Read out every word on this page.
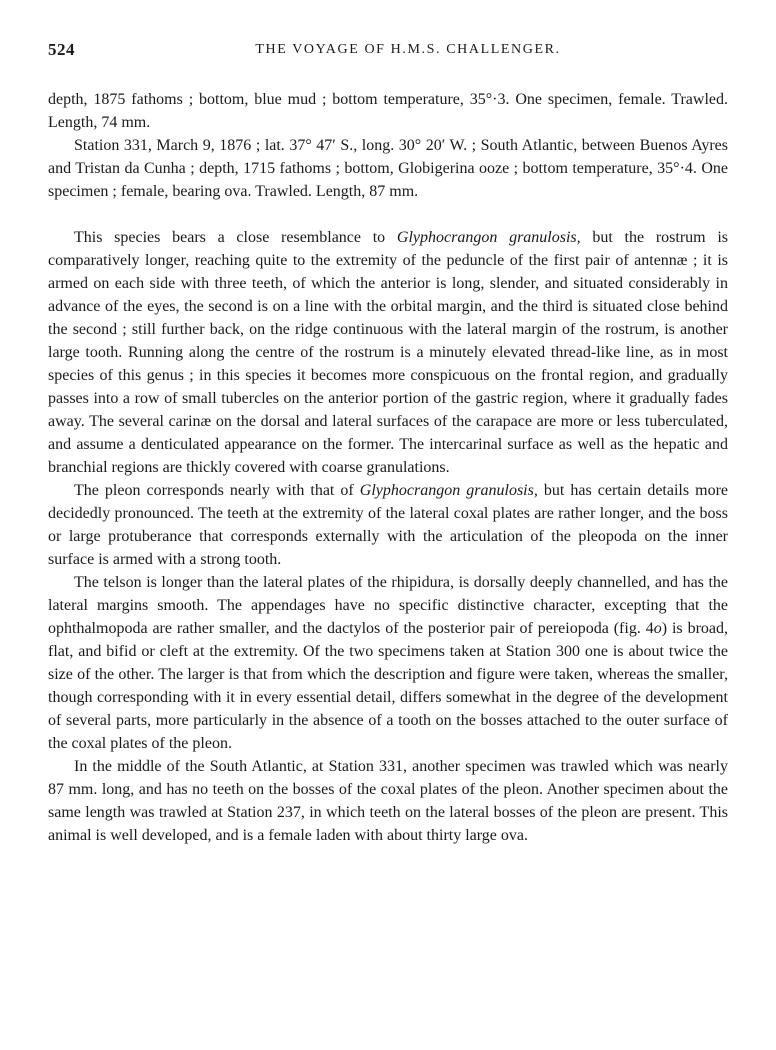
524	THE VOYAGE OF H.M.S. CHALLENGER.

depth, 1875 fathoms ; bottom, blue mud ; bottom temperature, 35°·3. One specimen, female. Trawled. Length, 74 mm.

Station 331, March 9, 1876 ; lat. 37° 47′ S., long. 30° 20′ W. ; South Atlantic, between Buenos Ayres and Tristan da Cunha ; depth, 1715 fathoms ; bottom, Globigerina ooze ; bottom temperature, 35°·4. One specimen ; female, bearing ova. Trawled. Length, 87 mm.

This species bears a close resemblance to Glyphocrangon granulosis, but the rostrum is comparatively longer, reaching quite to the extremity of the peduncle of the first pair of antennæ ; it is armed on each side with three teeth, of which the anterior is long, slender, and situated considerably in advance of the eyes, the second is on a line with the orbital margin, and the third is situated close behind the second ; still further back, on the ridge continuous with the lateral margin of the rostrum, is another large tooth. Running along the centre of the rostrum is a minutely elevated thread-like line, as in most species of this genus ; in this species it becomes more conspicuous on the frontal region, and gradually passes into a row of small tubercles on the anterior portion of the gastric region, where it gradually fades away. The several carinæ on the dorsal and lateral surfaces of the carapace are more or less tuberculated, and assume a denticulated appearance on the former. The intercarinal surface as well as the hepatic and branchial regions are thickly covered with coarse granulations.

The pleon corresponds nearly with that of Glyphocrangon granulosis, but has certain details more decidedly pronounced. The teeth at the extremity of the lateral coxal plates are rather longer, and the boss or large protuberance that corresponds externally with the articulation of the pleopoda on the inner surface is armed with a strong tooth.

The telson is longer than the lateral plates of the rhipidura, is dorsally deeply channelled, and has the lateral margins smooth. The appendages have no specific distinctive character, excepting that the ophthalmopoda are rather smaller, and the dactylos of the posterior pair of pereiopoda (fig. 4o) is broad, flat, and bifid or cleft at the extremity. Of the two specimens taken at Station 300 one is about twice the size of the other. The larger is that from which the description and figure were taken, whereas the smaller, though corresponding with it in every essential detail, differs somewhat in the degree of the development of several parts, more particularly in the absence of a tooth on the bosses attached to the outer surface of the coxal plates of the pleon.

In the middle of the South Atlantic, at Station 331, another specimen was trawled which was nearly 87 mm. long, and has no teeth on the bosses of the coxal plates of the pleon. Another specimen about the same length was trawled at Station 237, in which teeth on the lateral bosses of the pleon are present. This animal is well developed, and is a female laden with about thirty large ova.
